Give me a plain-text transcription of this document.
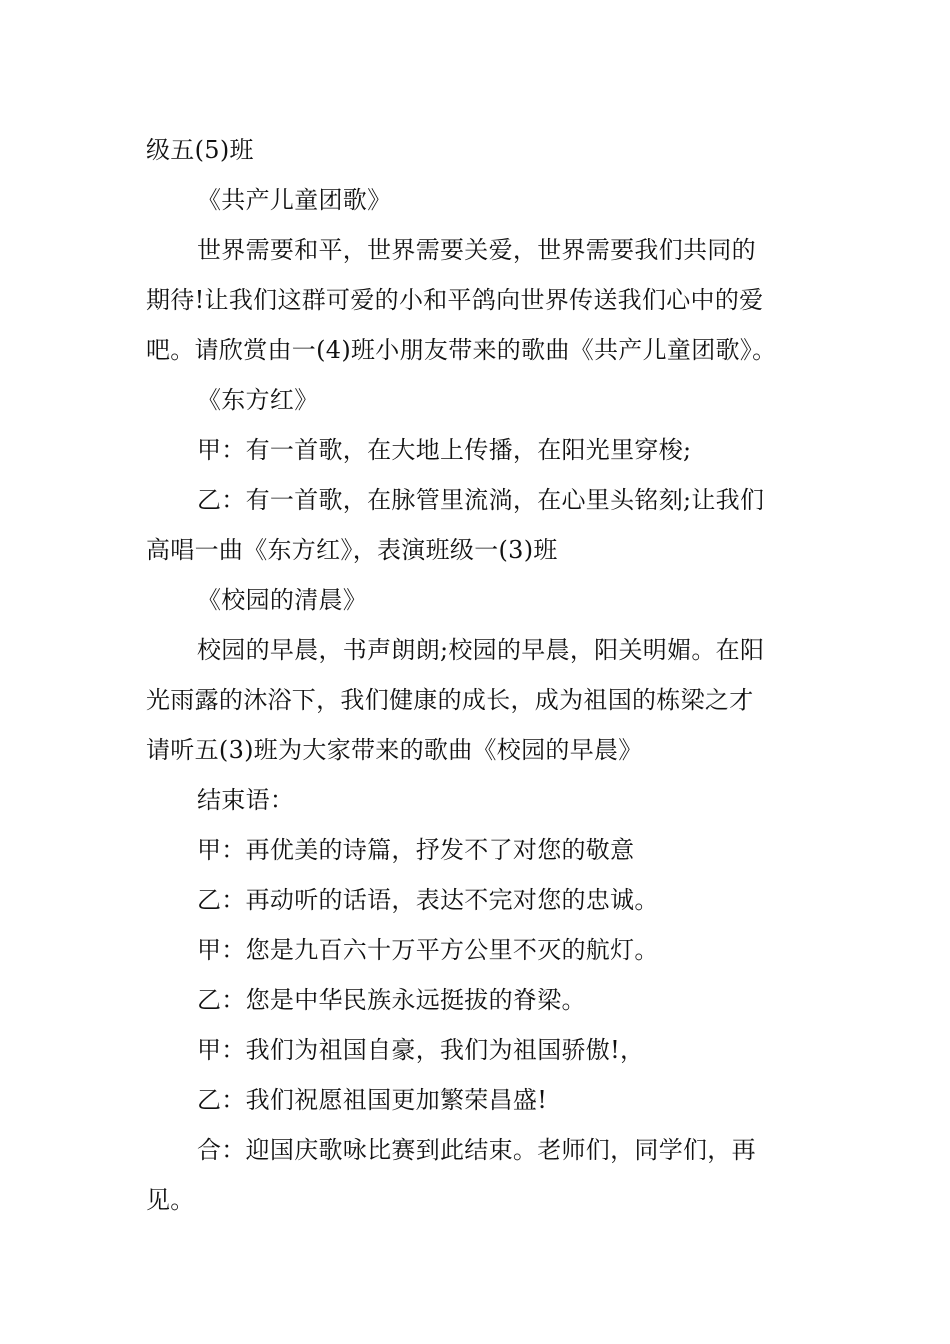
级五(5)班
《共产儿童团歌》
世界需要和平，世界需要关爱，世界需要我们共同的
期待!让我们这群可爱的小和平鸽向世界传送我们心中的爱
吧。请欣赏由一(4)班小朋友带来的歌曲《共产儿童团歌》。
《东方红》
甲：有一首歌，在大地上传播，在阳光里穿梭;
乙：有一首歌，在脉管里流淌，在心里头铭刻;让我们
高唱一曲《东方红》，表演班级一(3)班
《校园的清晨》
校园的早晨，书声朗朗;校园的早晨，阳关明媚。在阳
光雨露的沐浴下，我们健康的成长，成为祖国的栋梁之才
请听五(3)班为大家带来的歌曲《校园的早晨》
结束语：
甲：再优美的诗篇，抒发不了对您的敬意
乙：再动听的话语，表达不完对您的忠诚。
甲：您是九百六十万平方公里不灭的航灯。
乙：您是中华民族永远挺拔的脊梁。
甲：我们为祖国自豪，我们为祖国骄傲!，
乙：我们祝愿祖国更加繁荣昌盛!
合：迎国庆歌咏比赛到此结束。老师们，同学们，再
见。
